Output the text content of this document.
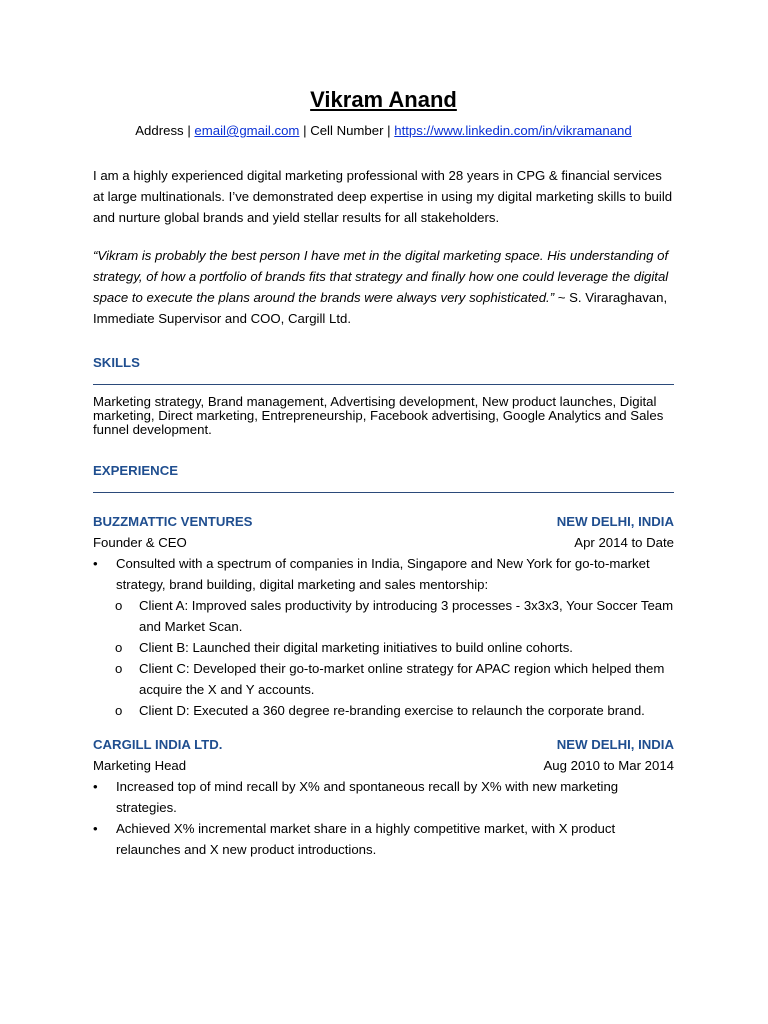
Vikram Anand
Address | email@gmail.com | Cell Number | https://www.linkedin.com/in/vikramanand

I am a highly experienced digital marketing professional with 28 years in CPG & financial services at large multinationals. I’ve demonstrated deep expertise in using my digital marketing skills to build and nurture global brands and yield stellar results for all stakeholders.

“Vikram is probably the best person I have met in the digital marketing space. His understanding of strategy, of how a portfolio of brands fits that strategy and finally how one could leverage the digital space to execute the plans around the brands were always very sophisticated.” ~ S. Viraraghavan, Immediate Supervisor and COO, Cargill Ltd.

SKILLS

Marketing strategy, Brand management, Advertising development, New product launches, Digital marketing, Direct marketing, Entrepreneurship, Facebook advertising, Google Analytics and Sales funnel development.

EXPERIENCE
BUZZMATTIC VENTURES	NEW DELHI, INDIA
Founder & CEO	Apr 2014 to Date
• Consulted with a spectrum of companies in India, Singapore and New York for go-to-market strategy, brand building, digital marketing and sales mentorship:
o Client A: Improved sales productivity by introducing 3 processes - 3x3x3, Your Soccer Team and Market Scan.
o Client B: Launched their digital marketing initiatives to build online cohorts.
o Client C: Developed their go-to-market online strategy for APAC region which helped them acquire the X and Y accounts.
o Client D: Executed a 360 degree re-branding exercise to relaunch the corporate brand.
CARGILL INDIA LTD.	NEW DELHI, INDIA
Marketing Head	Aug 2010 to Mar 2014
• Increased top of mind recall by X% and spontaneous recall by X% with new marketing strategies.
• Achieved X% incremental market share in a highly competitive market, with X product relaunches and X new product introductions.
